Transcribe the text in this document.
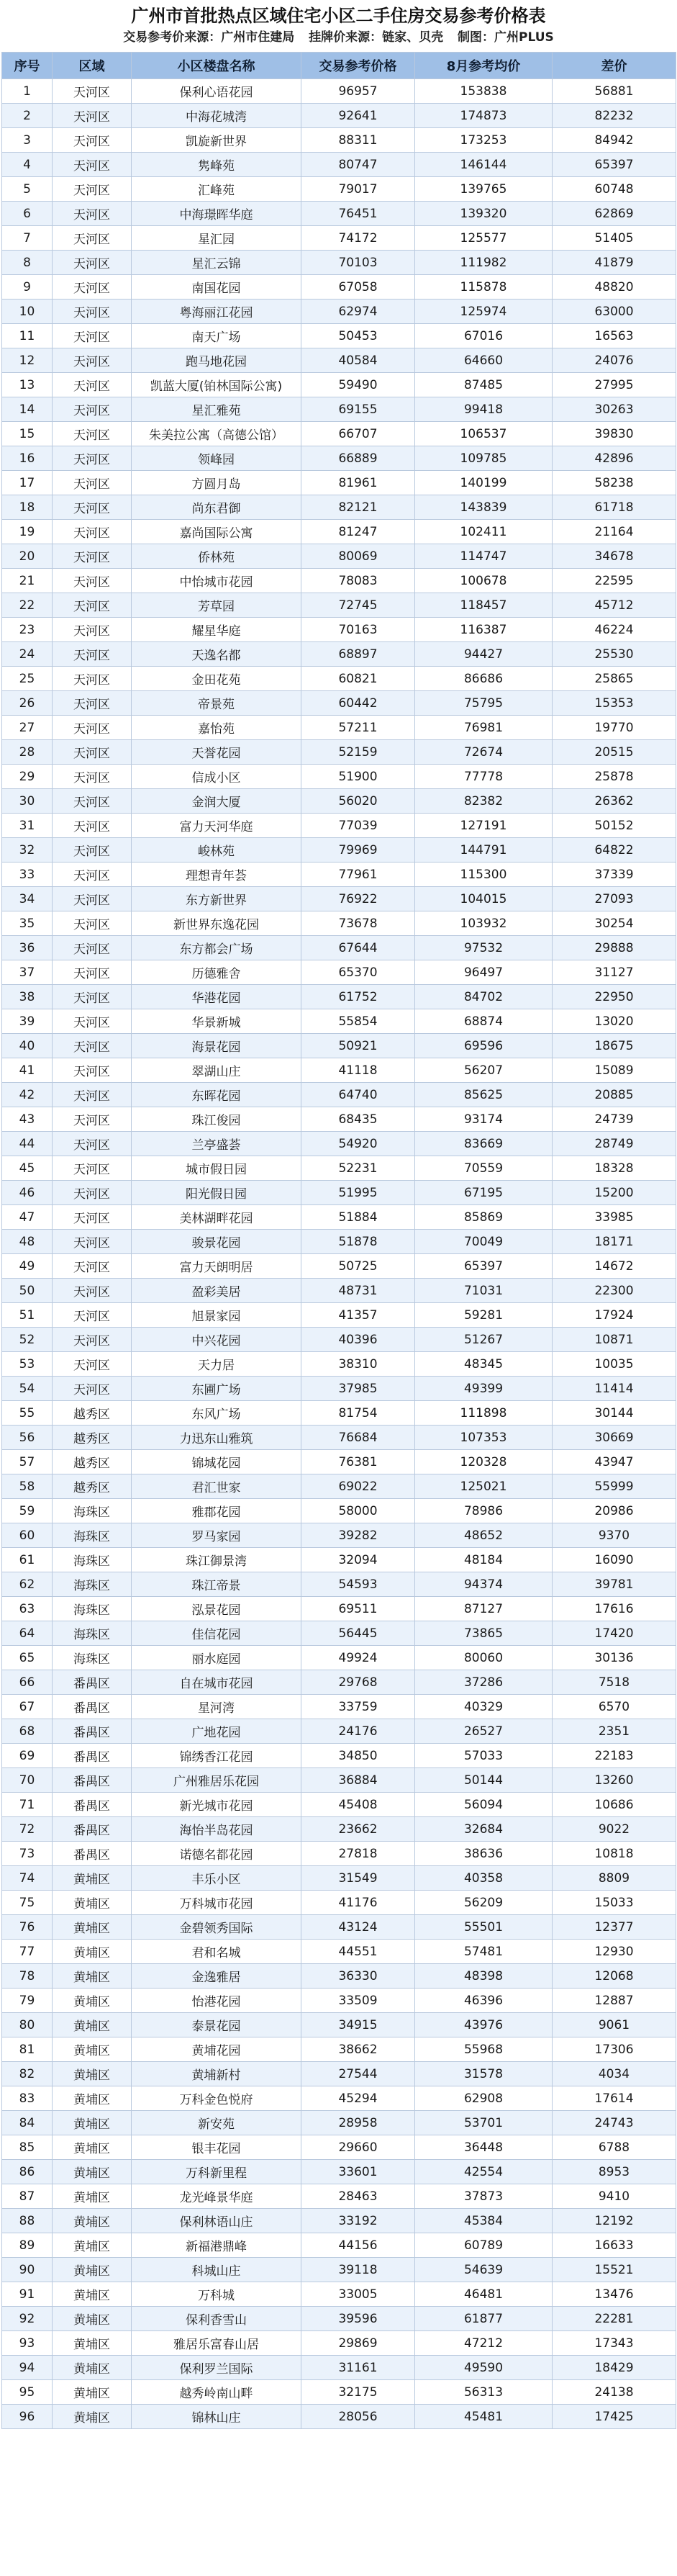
广州市首批热点区域住宅小区二手住房交易参考价格表
交易参考价来源：广州市住建局 挂牌价来源：链家、贝壳 制图：广州PLUS
序号	区域	小区楼盘名称	交易参考价格	8月参考均价	差价
1	天河区	保利心语花园	96957	153838	56881
2	天河区	中海花城湾	92641	174873	82232
3	天河区	凯旋新世界	88311	173253	84942
4	天河区	隽峰苑	80747	146144	65397
5	天河区	汇峰苑	79017	139765	60748
6	天河区	中海璟晖华庭	76451	139320	62869
7	天河区	星汇园	74172	125577	51405
8	天河区	星汇云锦	70103	111982	41879
9	天河区	南国花园	67058	115878	48820
10	天河区	粤海丽江花园	62974	125974	63000
11	天河区	南天广场	50453	67016	16563
12	天河区	跑马地花园	40584	64660	24076
13	天河区	凯蓝大厦(铂林国际公寓)	59490	87485	27995
14	天河区	星汇雅苑	69155	99418	30263
15	天河区	朱美拉公寓（高德公馆）	66707	106537	39830
16	天河区	领峰园	66889	109785	42896
17	天河区	方圆月岛	81961	140199	58238
18	天河区	尚东君御	82121	143839	61718
19	天河区	嘉尚国际公寓	81247	102411	21164
20	天河区	侨林苑	80069	114747	34678
21	天河区	中怡城市花园	78083	100678	22595
22	天河区	芳草园	72745	118457	45712
23	天河区	耀星华庭	70163	116387	46224
24	天河区	天逸名都	68897	94427	25530
25	天河区	金田花苑	60821	86686	25865
26	天河区	帝景苑	60442	75795	15353
27	天河区	嘉怡苑	57211	76981	19770
28	天河区	天誉花园	52159	72674	20515
29	天河区	信成小区	51900	77778	25878
30	天河区	金润大厦	56020	82382	26362
31	天河区	富力天河华庭	77039	127191	50152
32	天河区	峻林苑	79969	144791	64822
33	天河区	理想青年荟	77961	115300	37339
34	天河区	东方新世界	76922	104015	27093
35	天河区	新世界东逸花园	73678	103932	30254
36	天河区	东方都会广场	67644	97532	29888
37	天河区	历德雅舍	65370	96497	31127
38	天河区	华港花园	61752	84702	22950
39	天河区	华景新城	55854	68874	13020
40	天河区	海景花园	50921	69596	18675
41	天河区	翠湖山庄	41118	56207	15089
42	天河区	东晖花园	64740	85625	20885
43	天河区	珠江俊园	68435	93174	24739
44	天河区	兰亭盛荟	54920	83669	28749
45	天河区	城市假日园	52231	70559	18328
46	天河区	阳光假日园	51995	67195	15200
47	天河区	美林湖畔花园	51884	85869	33985
48	天河区	骏景花园	51878	70049	18171
49	天河区	富力天朗明居	50725	65397	14672
50	天河区	盈彩美居	48731	71031	22300
51	天河区	旭景家园	41357	59281	17924
52	天河区	中兴花园	40396	51267	10871
53	天河区	天力居	38310	48345	10035
54	天河区	东圃广场	37985	49399	11414
55	越秀区	东风广场	81754	111898	30144
56	越秀区	力迅东山雅筑	76684	107353	30669
57	越秀区	锦城花园	76381	120328	43947
58	越秀区	君汇世家	69022	125021	55999
59	海珠区	雅郡花园	58000	78986	20986
60	海珠区	罗马家园	39282	48652	9370
61	海珠区	珠江御景湾	32094	48184	16090
62	海珠区	珠江帝景	54593	94374	39781
63	海珠区	泓景花园	69511	87127	17616
64	海珠区	佳信花园	56445	73865	17420
65	海珠区	丽水庭园	49924	80060	30136
66	番禺区	自在城市花园	29768	37286	7518
67	番禺区	星河湾	33759	40329	6570
68	番禺区	广地花园	24176	26527	2351
69	番禺区	锦绣香江花园	34850	57033	22183
70	番禺区	广州雅居乐花园	36884	50144	13260
71	番禺区	新光城市花园	45408	56094	10686
72	番禺区	海怡半岛花园	23662	32684	9022
73	番禺区	诺德名都花园	27818	38636	10818
74	黄埔区	丰乐小区	31549	40358	8809
75	黄埔区	万科城市花园	41176	56209	15033
76	黄埔区	金碧领秀国际	43124	55501	12377
77	黄埔区	君和名城	44551	57481	12930
78	黄埔区	金逸雅居	36330	48398	12068
79	黄埔区	怡港花园	33509	46396	12887
80	黄埔区	泰景花园	34915	43976	9061
81	黄埔区	黄埔花园	38662	55968	17306
82	黄埔区	黄埔新村	27544	31578	4034
83	黄埔区	万科金色悦府	45294	62908	17614
84	黄埔区	新安苑	28958	53701	24743
85	黄埔区	银丰花园	29660	36448	6788
86	黄埔区	万科新里程	33601	42554	8953
87	黄埔区	龙光峰景华庭	28463	37873	9410
88	黄埔区	保利林语山庄	33192	45384	12192
89	黄埔区	新福港鼎峰	44156	60789	16633
90	黄埔区	科城山庄	39118	54639	15521
91	黄埔区	万科城	33005	46481	13476
92	黄埔区	保利香雪山	39596	61877	22281
93	黄埔区	雅居乐富春山居	29869	47212	17343
94	黄埔区	保利罗兰国际	31161	49590	18429
95	黄埔区	越秀岭南山畔	32175	56313	24138
96	黄埔区	锦林山庄	28056	45481	17425
